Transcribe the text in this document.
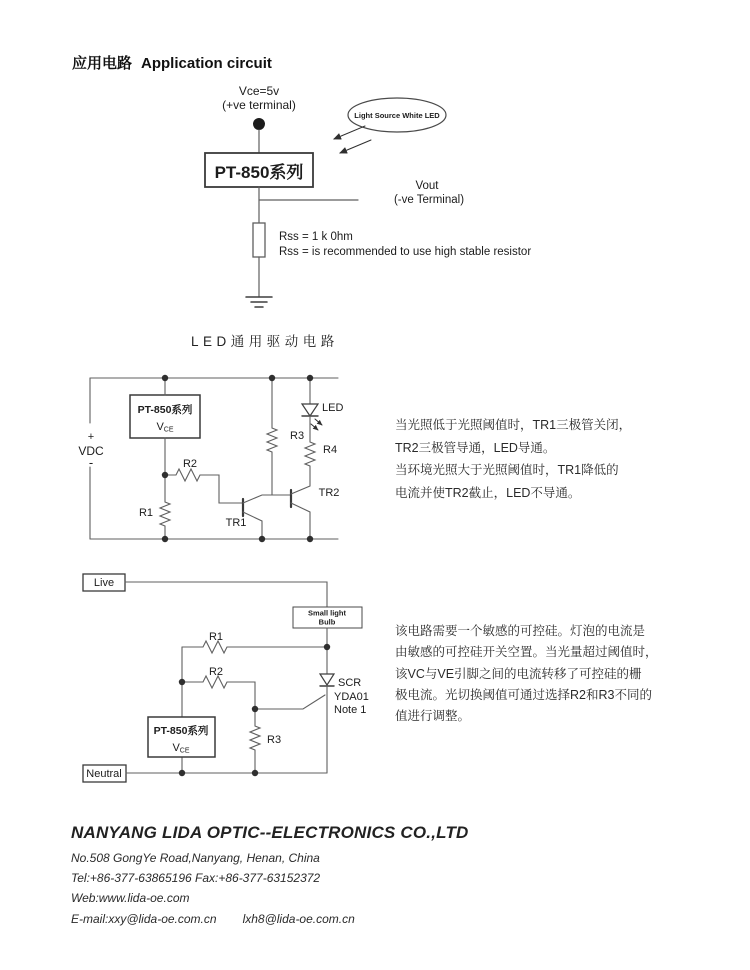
应用电路 Application circuit
LED通用驱动电路
Vce=5v
(+ve terminal)
PT-850系列
Vout
(-ve Terminal)
Rss = 1 k 0hm
Rss = is recommended to use high stable resistor
Light Source White LED
+
VDC
-
PT-850系列
VCE
R1
R2
R3
R4
LED
TR1
TR2
Live
Small light
Bulb
PT-850系列
VCE
Neutral
R1
R2
R3
SCR
YDA01
Note 1
当光照低于光照阈值时，TR1三极管关闭，
TR2三极管导通，LED导通。
当环境光照大于光照阈值时，TR1降低的
电流并使TR2截止，LED不导通。
该电路需要一个敏感的可控硅。灯泡的电流是
由敏感的可控硅开关空置。当光量超过阈值时，
该VC与VE引脚之间的电流转移了可控硅的栅
极电流。光切换阈值可通过选择R2和R3不同的
值进行调整。
NANYANG LIDA OPTIC--ELECTRONICS CO.,LTD
No.508 GongYe Road,Nanyang, Henan, China
Tel:+86-377-63865196 Fax:+86-377-63152372
Web:www.lida-oe.com
E-mail:xxy@lida-oe.com.cn lxh8@lida-oe.com.cn
